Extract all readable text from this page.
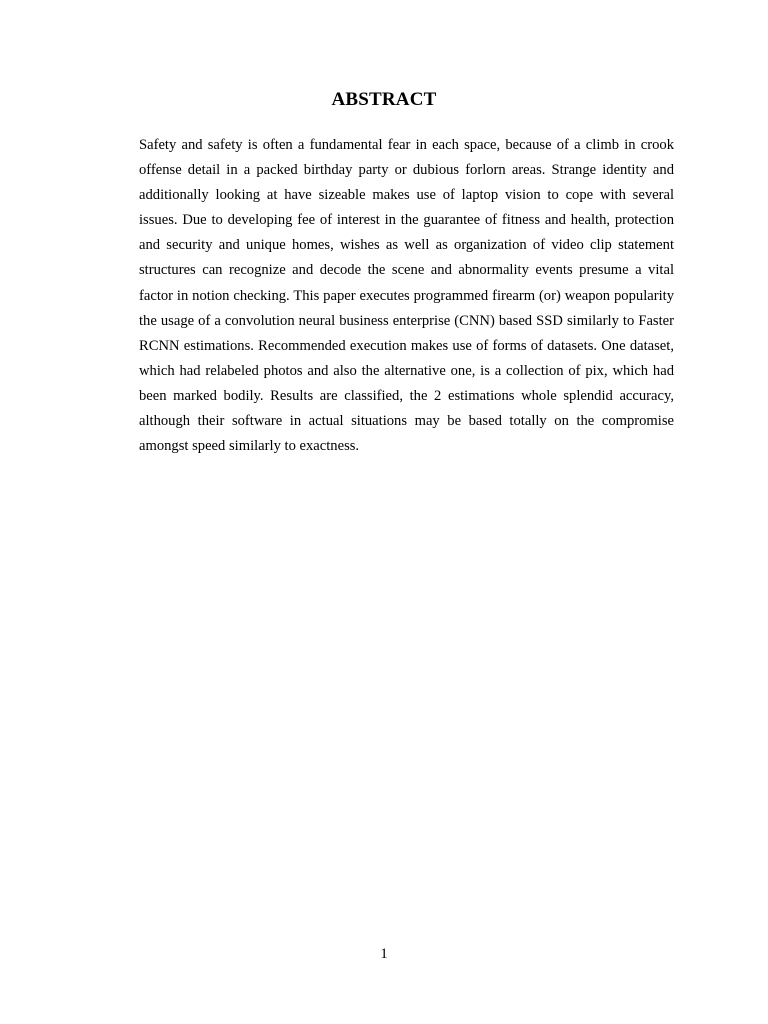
ABSTRACT

Safety and safety is often a fundamental fear in each space, because of a climb in crook offense detail in a packed birthday party or dubious forlorn areas. Strange identity and additionally looking at have sizeable makes use of laptop vision to cope with several issues. Due to developing fee of interest in the guarantee of fitness and health, protection and security and unique homes, wishes as well as organization of video clip statement structures can recognize and decode the scene and abnormality events presume a vital factor in notion checking. This paper executes programmed firearm (or) weapon popularity the usage of a convolution neural business enterprise (CNN) based SSD similarly to Faster RCNN estimations. Recommended execution makes use of forms of datasets. One dataset, which had relabeled photos and also the alternative one, is a collection of pix, which had been marked bodily. Results are classified, the 2 estimations whole splendid accuracy, although their software in actual situations may be based totally on the compromise amongst speed similarly to exactness.

1
